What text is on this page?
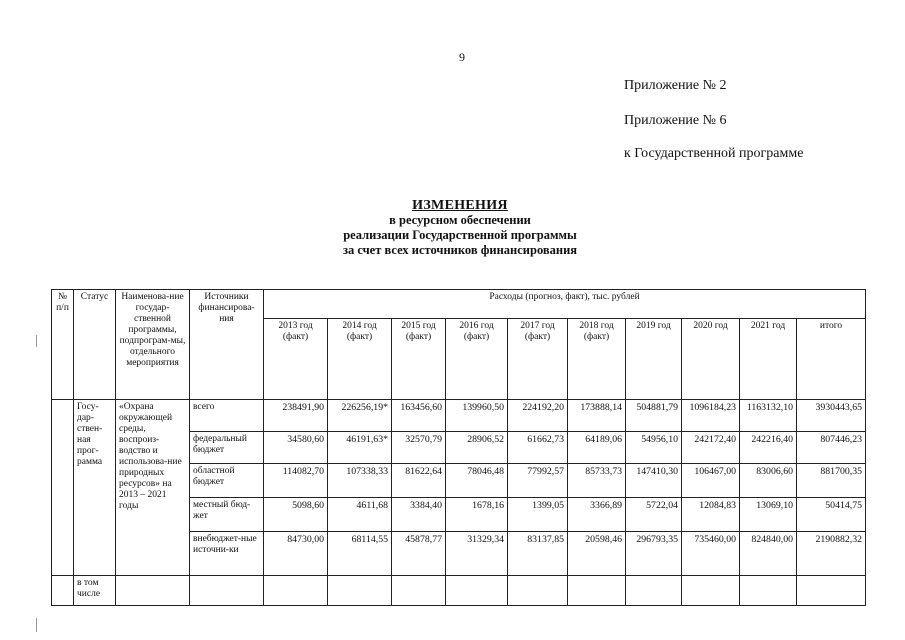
9
Приложение № 2
Приложение № 6
к Государственной программе
ИЗМЕНЕНИЯ
в ресурсном обеспечении
реализации Государственной программы
за счет всех источников финансирования
№ п/п	Статус	Наименова-ние государ-ственной программы, подпрограм-мы, отдельного мероприятия	Источники финансирова-ния	Расходы (прогноз, факт), тыс. рублей									
				2013 год (факт)	2014 год (факт)	2015 год (факт)	2016 год (факт)	2017 год (факт)	2018 год (факт)	2019 год	2020 год	2021 год	итого
	Госу-дар-ствен-ная прог-рамма	«Охрана окружающей среды, воспроиз-водство и использова-ние природных ресурсов» на 2013 – 2021 годы	всего	238491,90	226256,19*	163456,60	139960,50	224192,20	173888,14	504881,79	1096184,23	1163132,10	3930443,65
			федеральный бюджет	34580,60	46191,63*	32570,79	28906,52	61662,73	64189,06	54956,10	242172,40	242216,40	807446,23
			областной бюджет	114082,70	107338,33	81622,64	78046,48	77992,57	85733,73	147410,30	106467,00	83006,60	881700,35
			местный бюд-жет	5098,60	4611,68	3384,40	1678,16	1399,05	3366,89	5722,04	12084,83	13069,10	50414,75
			внебюджет-ные источни-ки	84730,00	68114,55	45878,77	31329,34	83137,85	20598,46	296793,35	735460,00	824840,00	2190882,32
	в том числе												
